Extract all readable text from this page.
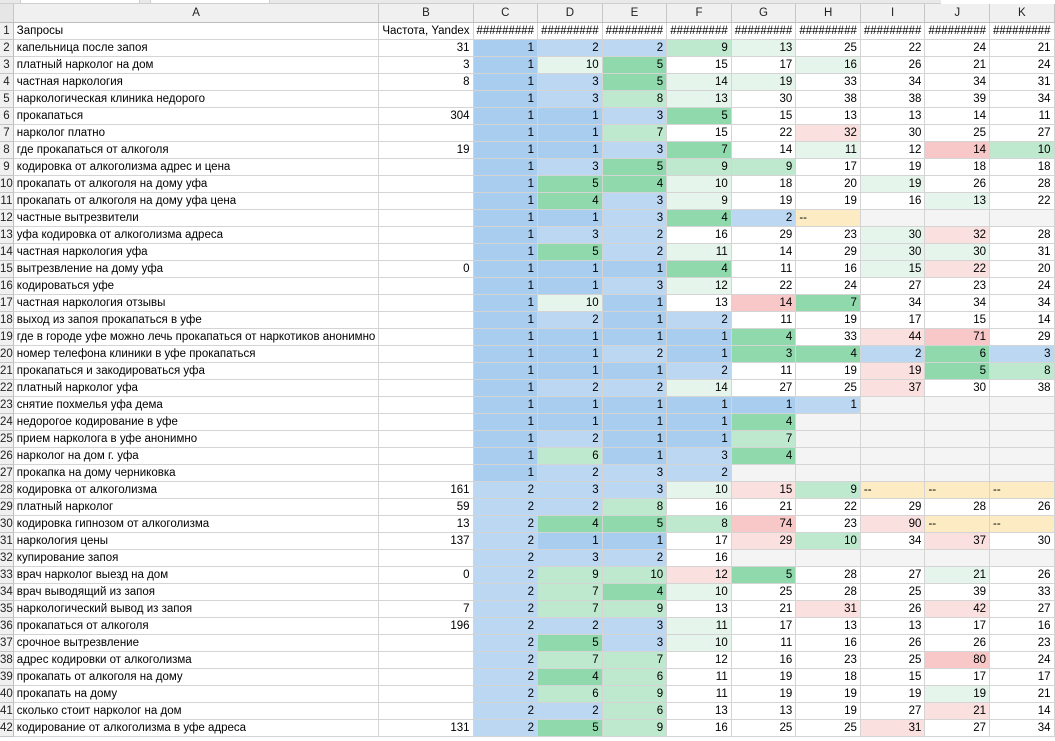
	A	B	C	D	E	F	G	H	I	J	K
1	Запросы	Частота, Yandex	#########	#########	#########	#########	#########	#########	#########	#########	#########
2	капельница после запоя	31	1	2	2	9	13	25	22	24	21
3	платный нарколог на дом	3	1	10	5	15	17	16	26	21	24
4	частная наркология	8	1	3	5	14	19	33	34	34	31
5	наркологическая клиника недорого		1	3	8	13	30	38	38	39	34
6	прокапаться	304	1	1	3	5	15	13	13	14	11
7	нарколог платно		1	1	7	15	22	32	30	25	27
8	где прокапаться от алкоголя	19	1	1	3	7	14	11	12	14	10
9	кодировка от алкоголизма адрес и цена		1	3	5	9	9	17	19	18	18
10	прокапать от алкоголя на дому уфа		1	5	4	10	18	20	19	26	28
11	прокапать от алкоголя на дому уфа цена		1	4	3	9	19	19	16	13	22
12	частные вытрезвители		1	1	3	4	2	--			
13	уфа кодировка от алкоголизма адреса		1	3	2	16	29	23	30	32	28
14	частная наркология уфа		1	5	2	11	14	29	30	30	31
15	вытрезвление на дому уфа	0	1	1	1	4	11	16	15	22	20
16	кодироваться уфе		1	1	3	12	22	24	27	23	24
17	частная наркология отзывы		1	10	1	13	14	7	34	34	34
18	выход из запоя прокапаться в уфе		1	2	1	2	11	19	17	15	14
19	где в городе уфе можно лечь прокапаться от наркотиков анонимно		1	1	1	1	4	33	44	71	29
20	номер телефона клиники в уфе прокапаться		1	1	2	1	3	4	2	6	3
21	прокапаться и закодироваться уфа		1	1	1	2	11	19	19	5	8
22	платный нарколог уфа		1	2	2	14	27	25	37	30	38
23	снятие похмелья уфа дема		1	1	1	1	1	1			
24	недорогое кодирование в уфе		1	1	1	1	4				
25	прием нарколога в уфе анонимно		1	2	1	1	7				
26	нарколог на дом г. уфа		1	6	1	3	4				
27	прокапка на дому черниковка		1	2	3	2					
28	кодировка от алкоголизма	161	2	3	3	10	15	9	--	--	--
29	платный нарколог	59	2	2	8	16	21	22	29	28	26
30	кодировка гипнозом от алкоголизма	13	2	4	5	8	74	23	90	--	--
31	наркология цены	137	2	1	1	17	29	10	34	37	30
32	купирование запоя		2	3	2	16					
33	врач нарколог выезд на дом	0	2	9	10	12	5	28	27	21	26
34	врач выводящий из запоя		2	7	4	10	25	28	25	39	33
35	наркологический вывод из запоя	7	2	7	9	13	21	31	26	42	27
36	прокапаться от алкоголя	196	2	2	3	11	17	13	13	17	16
37	срочное вытрезвление		2	5	3	10	11	16	26	26	23
38	адрес кодировки от алкоголизма		2	7	7	12	16	23	25	80	24
39	прокапать от алкоголя на дому		2	4	6	11	19	18	15	17	17
40	прокапать на дому		2	6	9	11	19	19	19	19	21
41	сколько стоит нарколог на дом		2	2	6	13	13	19	27	21	14
42	кодирование от алкоголизма в уфе адреса	131	2	5	9	16	25	25	31	27	34
